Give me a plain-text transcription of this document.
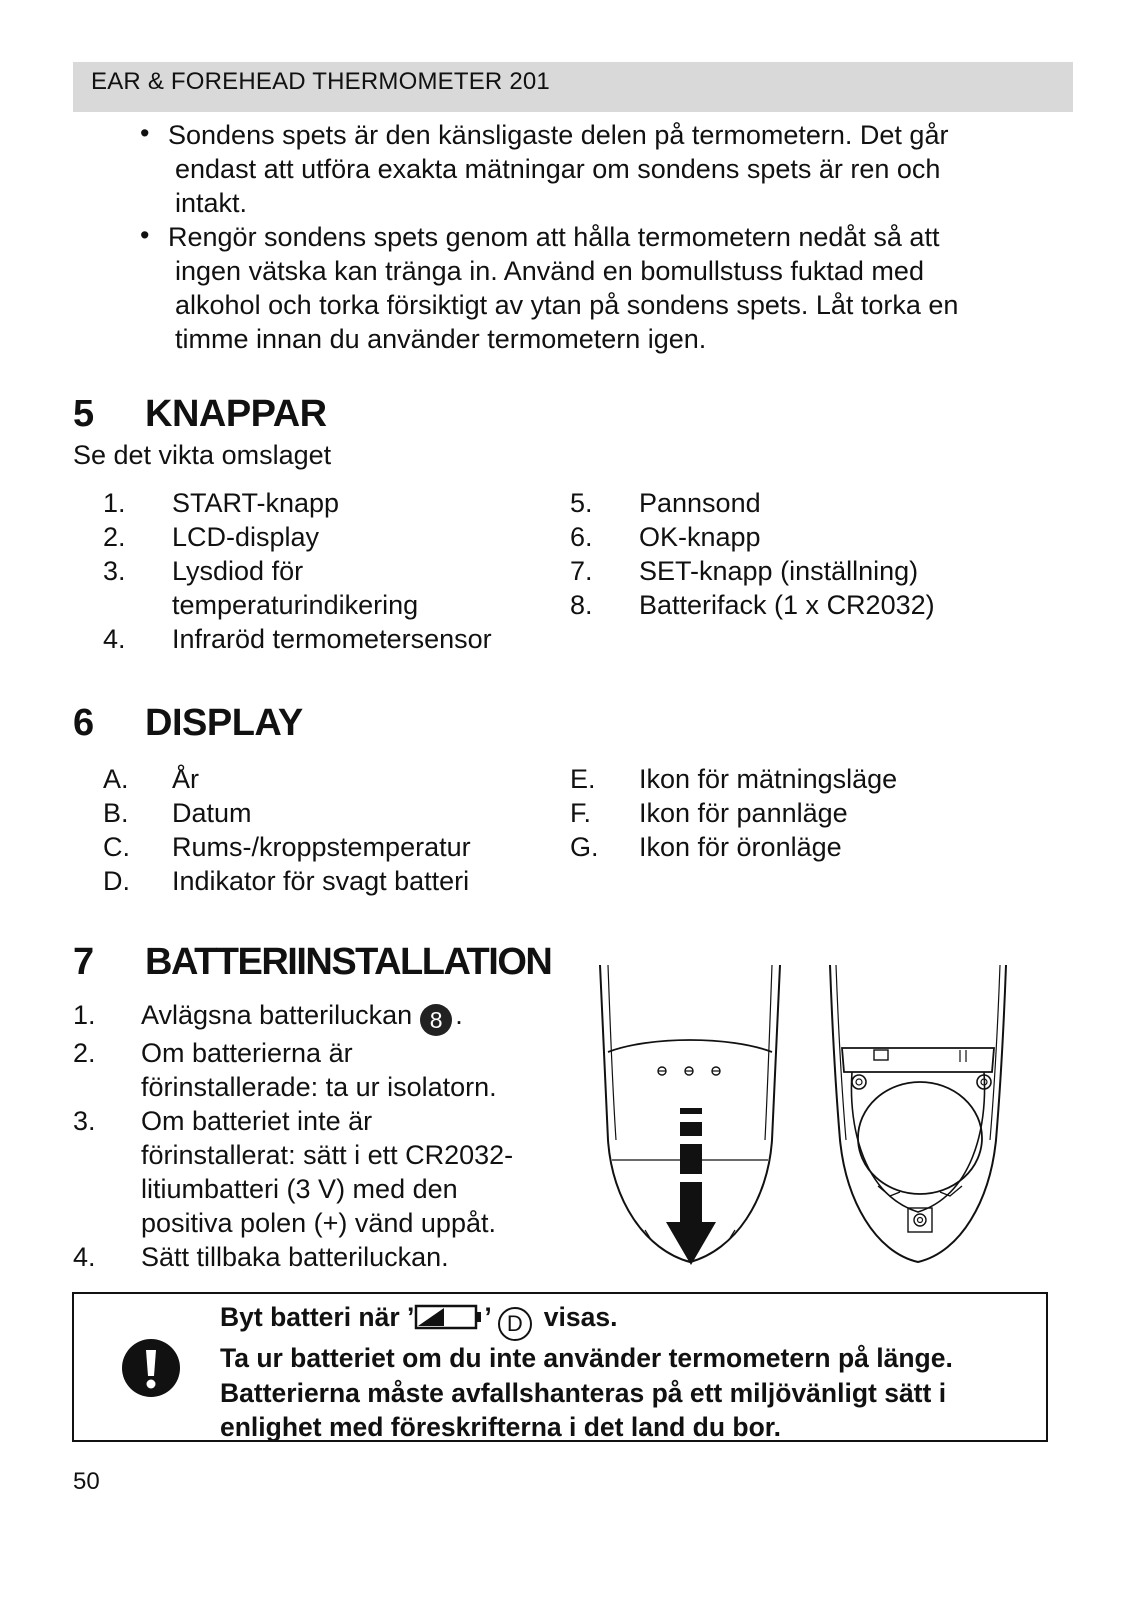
EAR & FOREHEAD THERMOMETER 201
• Sondens spets är den känsligaste delen på termometern. Det går
endast att utföra exakta mätningar om sondens spets är ren och
intakt.
• Rengör sondens spets genom att hålla termometern nedåt så att
ingen vätska kan tränga in. Använd en bomullstuss fuktad med
alkohol och torka försiktigt av ytan på sondens spets. Låt torka en
timme innan du använder termometern igen.
5 KNAPPAR
Se det vikta omslaget
1. START-knapp
2. LCD-display
3. Lysdiod för
temperaturindikering
4. Infraröd termometersensor
5. Pannsond
6. OK-knapp
7. SET-knapp (inställning)
8. Batterifack (1 x CR2032)
6 DISPLAY
A. År
B. Datum
C. Rums-/kroppstemperatur
D. Indikator för svagt batteri
E. Ikon för mätningsläge
F. Ikon för pannläge
G. Ikon för öronläge
7 BATTERIINSTALLATION
1. Avlägsna batteriluckan 8 .
2. Om batterierna är
förinstallerade: ta ur isolatorn.
3. Om batteriet inte är
förinstallerat: sätt i ett CR2032-
litiumbatteri (3 V) med den
positiva polen (+) vänd uppåt.
4. Sätt tillbaka batteriluckan.
Byt batteri när ’	’ D visas.
Ta ur batteriet om du inte använder termometern på länge.
Batterierna måste avfallshanteras på ett miljövänligt sätt i
enlighet med föreskrifterna i det land du bor.
50
